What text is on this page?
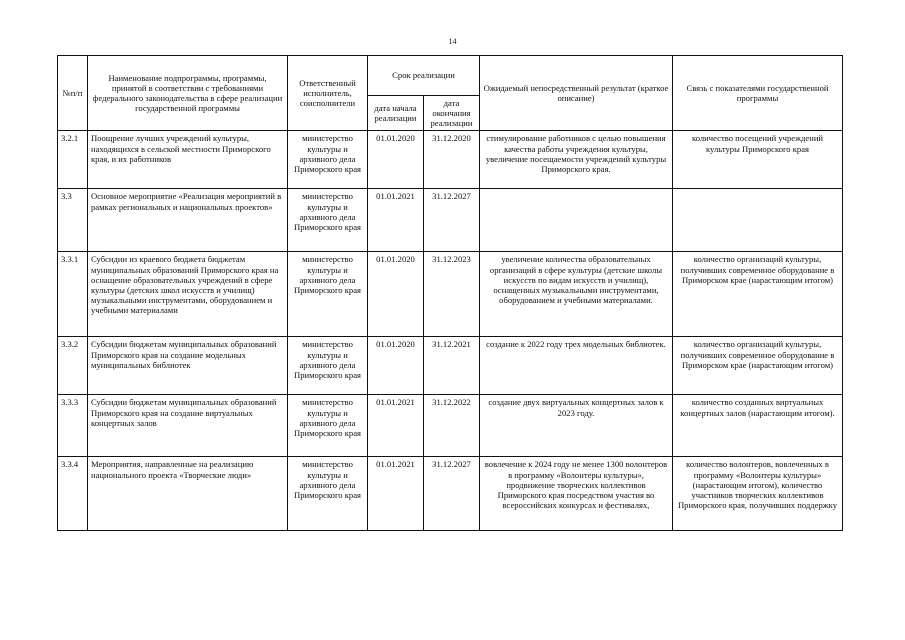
14
№п/п	Наименование подпрограммы, программы, принятой в соответствии с требованиями федерального законодательства в сфере реализации государственной программы	Ответственный исполнитель, соисполнители	Срок реализации		Ожидаемый непосредственный результат (краткое описание)	Связь с показателями государственной программы
			дата начала реализации	дата окончания реализации		
3.2.1	Поощрение лучших учреждений культуры, находящихся в сельской местности Приморского края, и их работников	министерство культуры и архивного дела Приморского края	01.01.2020	31.12.2020	стимулирование работников с целью повышения качества работы учреждения культуры, увеличение посещаемости учреждений культуры Приморского края.	количество посещений учреждений культуры Приморского края
3.3	Основное мероприятие «Реализация мероприятий в рамках региональных и национальных проектов»	министерство культуры и архивного дела Приморского края	01.01.2021	31.12.2027		
3.3.1	Субсидии из краевого бюджета бюджетам муниципальных образований Приморского края на оснащение образовательных учреждений в сфере культуры (детских школ искусств и училищ) музыкальными инструментами, оборудованием и учебными материалами	министерство культуры и архивного дела Приморского края	01.01.2020	31.12.2023	увеличение количества образовательных организаций в сфере культуры (детские школы искусств по видам искусств и училищ), оснащенных музыкальными инструментами, оборудованием и учебными материалами.	количество организаций культуры, получивших современное оборудование в Приморском крае (нарастающим итогом)
3.3.2	Субсидии бюджетам муниципальных образований Приморского края на создание модельных муниципальных библиотек	министерство культуры и архивного дела Приморского края	01.01.2020	31.12.2021	создание к 2022 году трех модельных библиотек.	количество организаций культуры, получивших современное оборудование в Приморском крае (нарастающим итогом)
3.3.3	Субсидии бюджетам муниципальных образований Приморского края на создание виртуальных концертных залов	министерство культуры и архивного дела Приморского края	01.01.2021	31.12.2022	создание двух виртуальных концертных залов к 2023 году.	количество созданных виртуальных концертных залов (нарастающим итогом).
3.3.4	Мероприятия, направленные на реализацию национального проекта «Творческие люди»	министерство культуры и архивного дела Приморского края	01.01.2021	31.12.2027	вовлечение к 2024 году не менее 1300 волонтеров в программу «Волонтеры культуры», продвижение творческих коллективов Приморского края посредством участия во всероссийских конкурсах и фестивалях,	количество волонтеров, вовлеченных в программу «Волонтеры культуры» (нарастающим итогом), количество участников творческих коллективов Приморского края, получивших поддержку
